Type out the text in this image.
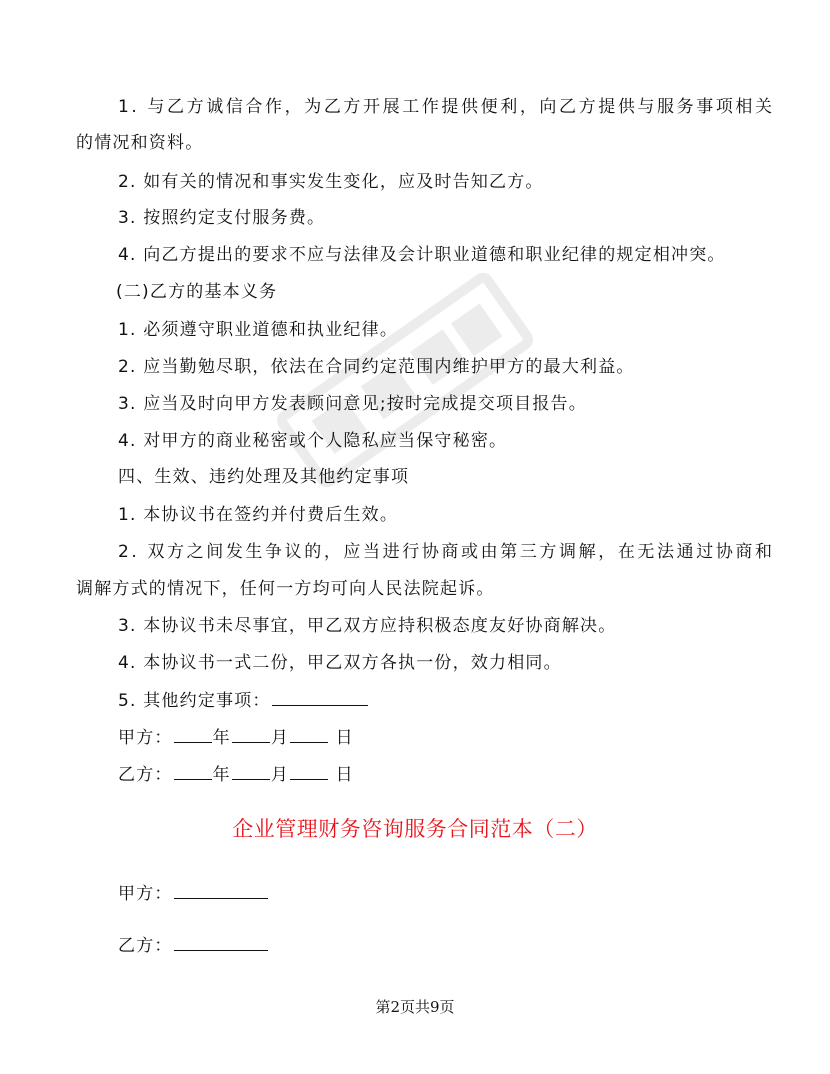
1. 与乙方诚信合作，为乙方开展工作提供便利，向乙方提供与服务事项相关
的情况和资料。
2. 如有关的情况和事实发生变化，应及时告知乙方。
3. 按照约定支付服务费。
4. 向乙方提出的要求不应与法律及会计职业道德和职业纪律的规定相冲突。
(二)乙方的基本义务
1. 必须遵守职业道德和执业纪律。
2. 应当勤勉尽职，依法在合同约定范围内维护甲方的最大利益。
3. 应当及时向甲方发表顾问意见;按时完成提交项目报告。
4. 对甲方的商业秘密或个人隐私应当保守秘密。
四、生效、违约处理及其他约定事项
1. 本协议书在签约并付费后生效。
2. 双方之间发生争议的，应当进行协商或由第三方调解，在无法通过协商和
调解方式的情况下，任何一方均可向人民法院起诉。
3. 本协议书未尽事宜，甲乙双方应持积极态度友好协商解决。
4. 本协议书一式二份，甲乙双方各执一份，效力相同。
5. 其他约定事项：
甲方： 年 月	日
乙方： 年 月	日
企业管理财务咨询服务合同范本（二）
甲方：
乙方：
第2页共9页
